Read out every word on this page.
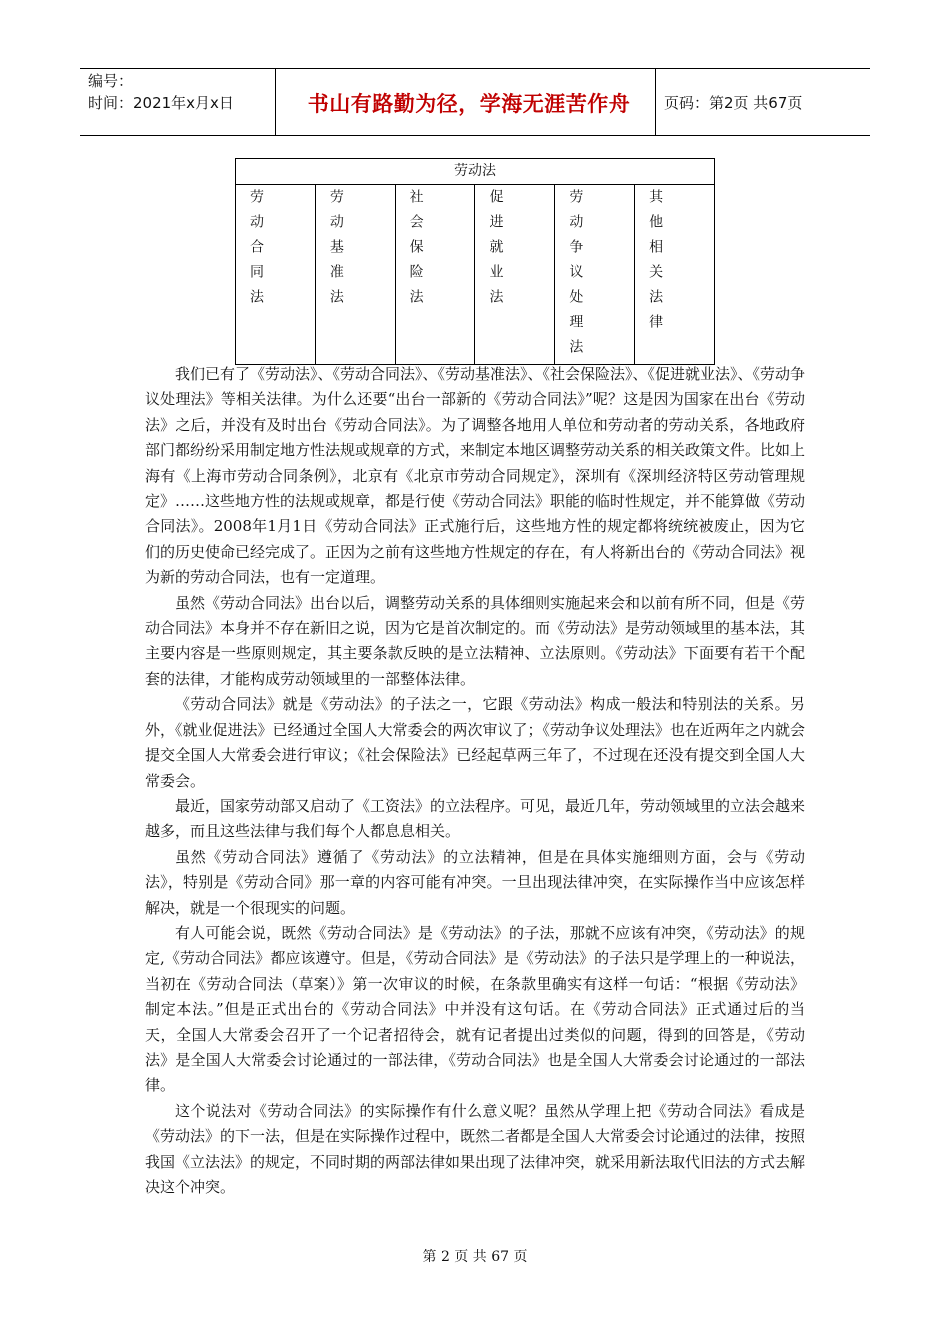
编号：
时间：2021年x月x日	书山有路勤为径，学海无涯苦作舟	页码：第2页 共67页
劳动法

劳动合同法	劳动基准法	社会保险法	促进就业法	劳动争议处理法	其他相关法律

我们已有了《劳动法》、《劳动合同法》、《劳动基准法》、《社会保险法》、《促进就业法》、《劳动争议处理法》等相关法律。为什么还要“出台一部新的《劳动合同法》”呢？这是因为国家在出台《劳动法》之后，并没有及时出台《劳动合同法》。为了调整各地用人单位和劳动者的劳动关系，各地政府部门都纷纷采用制定地方性法规或规章的方式，来制定本地区调整劳动关系的相关政策文件。比如上海有《上海市劳动合同条例》，北京有《北京市劳动合同规定》，深圳有《深圳经济特区劳动管理规定》……这些地方性的法规或规章，都是行使《劳动合同法》职能的临时性规定，并不能算做《劳动合同法》。2008年1月1日《劳动合同法》正式施行后，这些地方性的规定都将统统被废止，因为它们的历史使命已经完成了。正因为之前有这些地方性规定的存在，有人将新出台的《劳动合同法》视为新的劳动合同法，也有一定道理。

虽然《劳动合同法》出台以后，调整劳动关系的具体细则实施起来会和以前有所不同，但是《劳动合同法》本身并不存在新旧之说，因为它是首次制定的。而《劳动法》是劳动领域里的基本法，其主要内容是一些原则规定，其主要条款反映的是立法精神、立法原则。《劳动法》下面要有若干个配套的法律，才能构成劳动领域里的一部整体法律。

《劳动合同法》就是《劳动法》的子法之一，它跟《劳动法》构成一般法和特别法的关系。另外，《就业促进法》已经通过全国人大常委会的两次审议了；《劳动争议处理法》也在近两年之内就会提交全国人大常委会进行审议；《社会保险法》已经起草两三年了，不过现在还没有提交到全国人大常委会。

最近，国家劳动部又启动了《工资法》的立法程序。可见，最近几年，劳动领域里的立法会越来越多，而且这些法律与我们每个人都息息相关。

虽然《劳动合同法》遵循了《劳动法》的立法精神，但是在具体实施细则方面，会与《劳动法》，特别是《劳动合同》那一章的内容可能有冲突。一旦出现法律冲突，在实际操作当中应该怎样解决，就是一个很现实的问题。

有人可能会说，既然《劳动合同法》是《劳动法》的子法，那就不应该有冲突，《劳动法》的规定,《劳动合同法》都应该遵守。但是，《劳动合同法》是《劳动法》的子法只是学理上的一种说法，当初在《劳动合同法（草案）》第一次审议的时候，在条款里确实有这样一句话：“根据《劳动法》制定本法。”但是正式出台的《劳动合同法》中并没有这句话。在《劳动合同法》正式通过后的当天，全国人大常委会召开了一个记者招待会，就有记者提出过类似的问题，得到的回答是，《劳动法》是全国人大常委会讨论通过的一部法律，《劳动合同法》也是全国人大常委会讨论通过的一部法律。

这个说法对《劳动合同法》的实际操作有什么意义呢？虽然从学理上把《劳动合同法》看成是《劳动法》的下一法，但是在实际操作过程中，既然二者都是全国人大常委会讨论通过的法律，按照我国《立法法》的规定，不同时期的两部法律如果出现了法律冲突，就采用新法取代旧法的方式去解决这个冲突。

第 2 页 共 67 页
